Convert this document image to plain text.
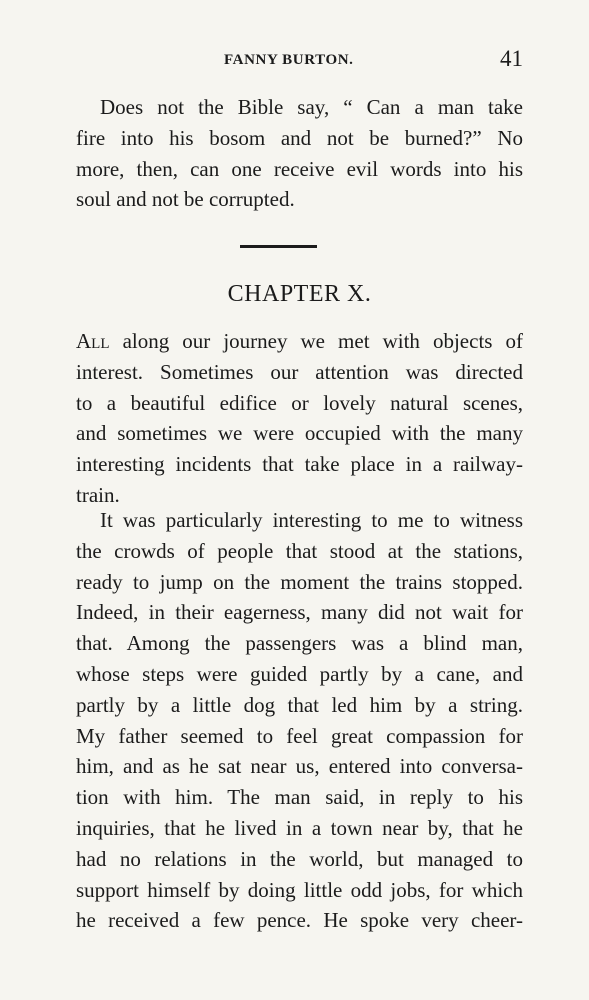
FANNY BURTON.	41
Does not the Bible say, “ Can a man take
fire into his bosom and not be burned?” No
more, then, can one receive evil words into his
soul and not be corrupted.
CHAPTER X.
All along our journey we met with objects of
interest. Sometimes our attention was directed
to a beautiful edifice or lovely natural scenes,
and sometimes we were occupied with the many
interesting incidents that take place in a railway-
train.
It was particularly interesting to me to witness
the crowds of people that stood at the stations,
ready to jump on the moment the trains stopped.
Indeed, in their eagerness, many did not wait for
that. Among the passengers was a blind man,
whose steps were guided partly by a cane, and
partly by a little dog that led him by a string.
My father seemed to feel great compassion for
him, and as he sat near us, entered into conversa-
tion with him. The man said, in reply to his
inquiries, that he lived in a town near by, that he
had no relations in the world, but managed to
support himself by doing little odd jobs, for which
he received a few pence. He spoke very cheer-
